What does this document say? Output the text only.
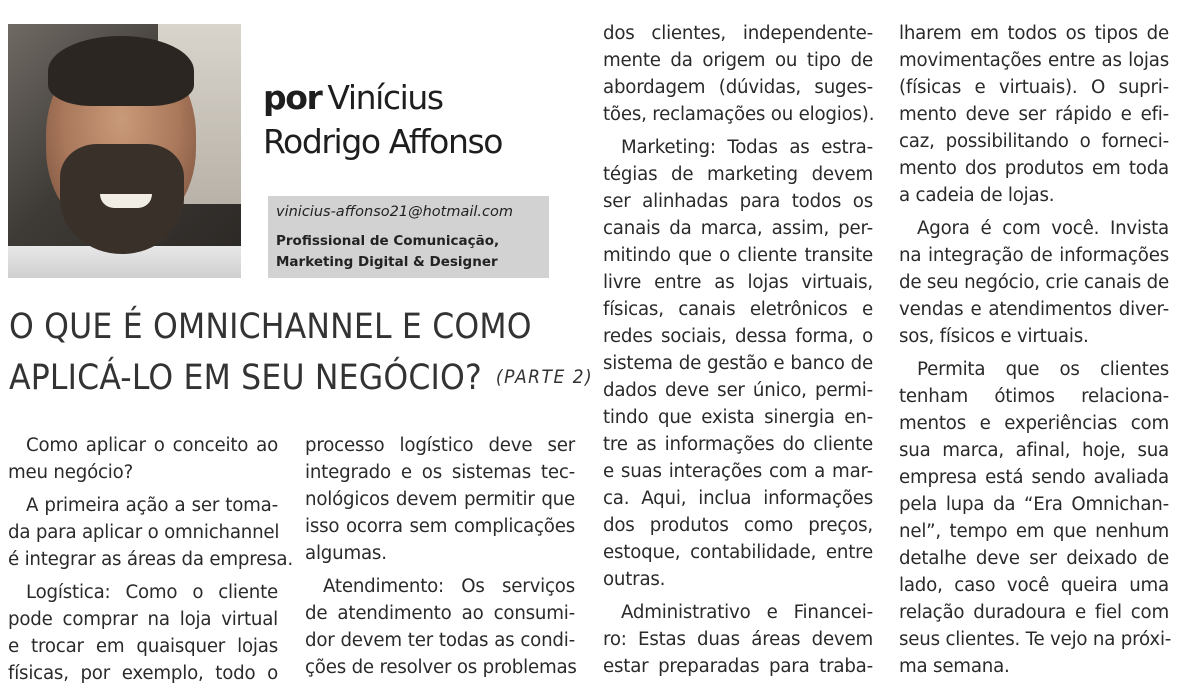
por Vinícius
Rodrigo Affonso
vinicius-affonso21@hotmail.com
Profissional de Comunicação,
Marketing Digital & Designer
O QUE É OMNICHANNEL E COMO
APLICÁ-LO EM SEU NEGÓCIO? (PARTE 2)
Como aplicar o conceito ao
meu negócio?
A primeira ação a ser toma-
da para aplicar o omnichannel
é integrar as áreas da empresa.
Logística: Como o cliente
pode comprar na loja virtual
e trocar em quaisquer lojas
físicas, por exemplo, todo o
processo logístico deve ser
integrado e os sistemas tec-
nológicos devem permitir que
isso ocorra sem complicações
algumas.
Atendimento: Os serviços
de atendimento ao consumi-
dor devem ter todas as condi-
ções de resolver os problemas
dos clientes, independente-
mente da origem ou tipo de
abordagem (dúvidas, suges-
tões, reclamações ou elogios).
Marketing: Todas as estra-
tégias de marketing devem
ser alinhadas para todos os
canais da marca, assim, per-
mitindo que o cliente transite
livre entre as lojas virtuais,
físicas, canais eletrônicos e
redes sociais, dessa forma, o
sistema de gestão e banco de
dados deve ser único, permi-
tindo que exista sinergia en-
tre as informações do cliente
e suas interações com a mar-
ca. Aqui, inclua informações
dos produtos como preços,
estoque, contabilidade, entre
outras.
Administrativo e Financei-
ro: Estas duas áreas devem
estar preparadas para traba-
lharem em todos os tipos de
movimentações entre as lojas
(físicas e virtuais). O supri-
mento deve ser rápido e efi-
caz, possibilitando o forneci-
mento dos produtos em toda
a cadeia de lojas.
Agora é com você. Invista
na integração de informações
de seu negócio, crie canais de
vendas e atendimentos diver-
sos, físicos e virtuais.
Permita que os clientes
tenham ótimos relaciona-
mentos e experiências com
sua marca, afinal, hoje, sua
empresa está sendo avaliada
pela lupa da “Era Omnichan-
nel”, tempo em que nenhum
detalhe deve ser deixado de
lado, caso você queira uma
relação duradoura e fiel com
seus clientes. Te vejo na próxi-
ma semana.
